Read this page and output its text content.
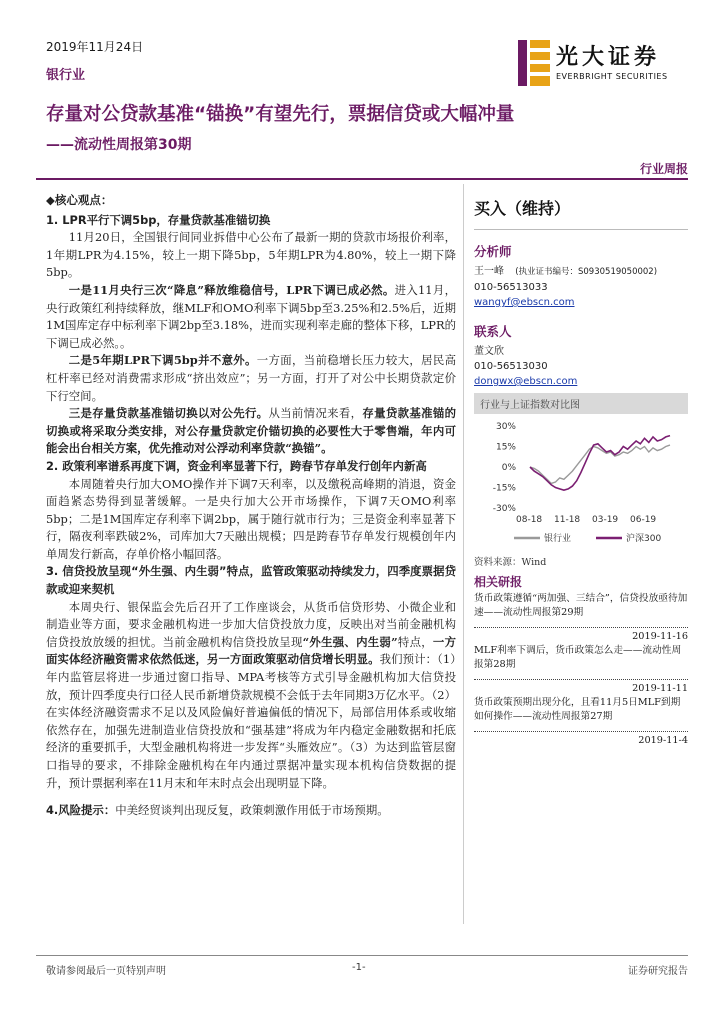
2019年11月24日
银行业
光大证券
EVERBRIGHT SECURITIES
存量对公贷款基准“锚换”有望先行，票据信贷或大幅冲量
——流动性周报第30期
行业周报

◆核心观点：

1. LPR平行下调5bp，存量贷款基准锚切换

11月20日，全国银行间同业拆借中心公布了最新一期的贷款市场报价利率，1年期LPR为4.15%，较上一期下降5bp，5年期LPR为4.80%，较上一期下降5bp。

一是11月央行三次“降息”释放维稳信号，LPR下调已成必然。进入11月，央行政策红利持续释放，继MLF和OMO利率下调5bp至3.25%和2.5%后，近期1M国库定存中标利率下调2bp至3.18%，进而实现利率走廊的整体下移，LPR的下调已成必然。。

二是5年期LPR下调5bp并不意外。一方面，当前稳增长压力较大，居民高杠杆率已经对消费需求形成“挤出效应”；另一方面，打开了对公中长期贷款定价下行空间。

三是存量贷款基准锚切换以对公先行。从当前情况来看，存量贷款基准锚的切换或将采取分类安排，对公存量贷款定价锚切换的必要性大于零售端，年内可能会出台相关方案，优先推动对公浮动利率贷款“换锚”。

2. 政策利率谱系再度下调，资金利率显著下行，跨春节存单发行创年内新高

本周随着央行加大OMO操作并下调7天利率，以及缴税高峰期的消退，资金面趋紧态势得到显著缓解。一是央行加大公开市场操作，下调7天OMO利率5bp；二是1M国库定存利率下调2bp，属于随行就市行为；三是资金利率显著下行，隔夜利率跌破2%，司库加大7天融出规模；四是跨春节存单发行规模创年内单周发行新高，存单价格小幅回落。

3. 信贷投放呈现“外生强、内生弱”特点，监管政策驱动持续发力，四季度票据贷款或迎来契机

本周央行、银保监会先后召开了工作座谈会，从货币信贷形势、小微企业和制造业等方面，要求金融机构进一步加大信贷投放力度，反映出对当前金融机构信贷投放放缓的担忧。当前金融机构信贷投放呈现“外生强、内生弱”特点，一方面实体经济融资需求依然低迷，另一方面政策驱动信贷增长明显。我们预计：（1）年内监管层将进一步通过窗口指导、MPA考核等方式引导金融机构加大信贷投放，预计四季度央行口径人民币新增贷款规模不会低于去年同期3万亿水平。（2）在实体经济融资需求不足以及风险偏好普遍偏低的情况下，局部信用体系或收缩依然存在，加强先进制造业信贷投放和“强基建”将成为年内稳定金融数据和托底经济的重要抓手，大型金融机构将进一步发挥“头雁效应”。（3）为达到监管层窗口指导的要求，不排除金融机构在年内通过票据冲量实现本机构信贷数据的提升，预计票据利率在11月末和年末时点会出现明显下降。

4.风险提示：中美经贸谈判出现反复，政策刺激作用低于市场预期。

买入（维持）
分析师
王一峰 (执业证书编号：S0930519050002)
010-56513033
wangyf@ebscn.com
联系人
董文欣
010-56513030
dongwx@ebscn.com
行业与上证指数对比图
30%
15%
0%
-15%
-30%
08-18 11-18 03-19 06-19
银行业	沪深300
资料来源：Wind
相关研报
货币政策遵循“两加强、三结合”，信贷投放亟待加速——流动性周报第29期
2019-11-16
MLF利率下调后，货币政策怎么走——流动性周报第28期
2019-11-11
货币政策预期出现分化，且看11月5日MLF到期如何操作——流动性周报第27期
2019-11-4
敬请参阅最后一页特别声明	-1-	证券研究报告
